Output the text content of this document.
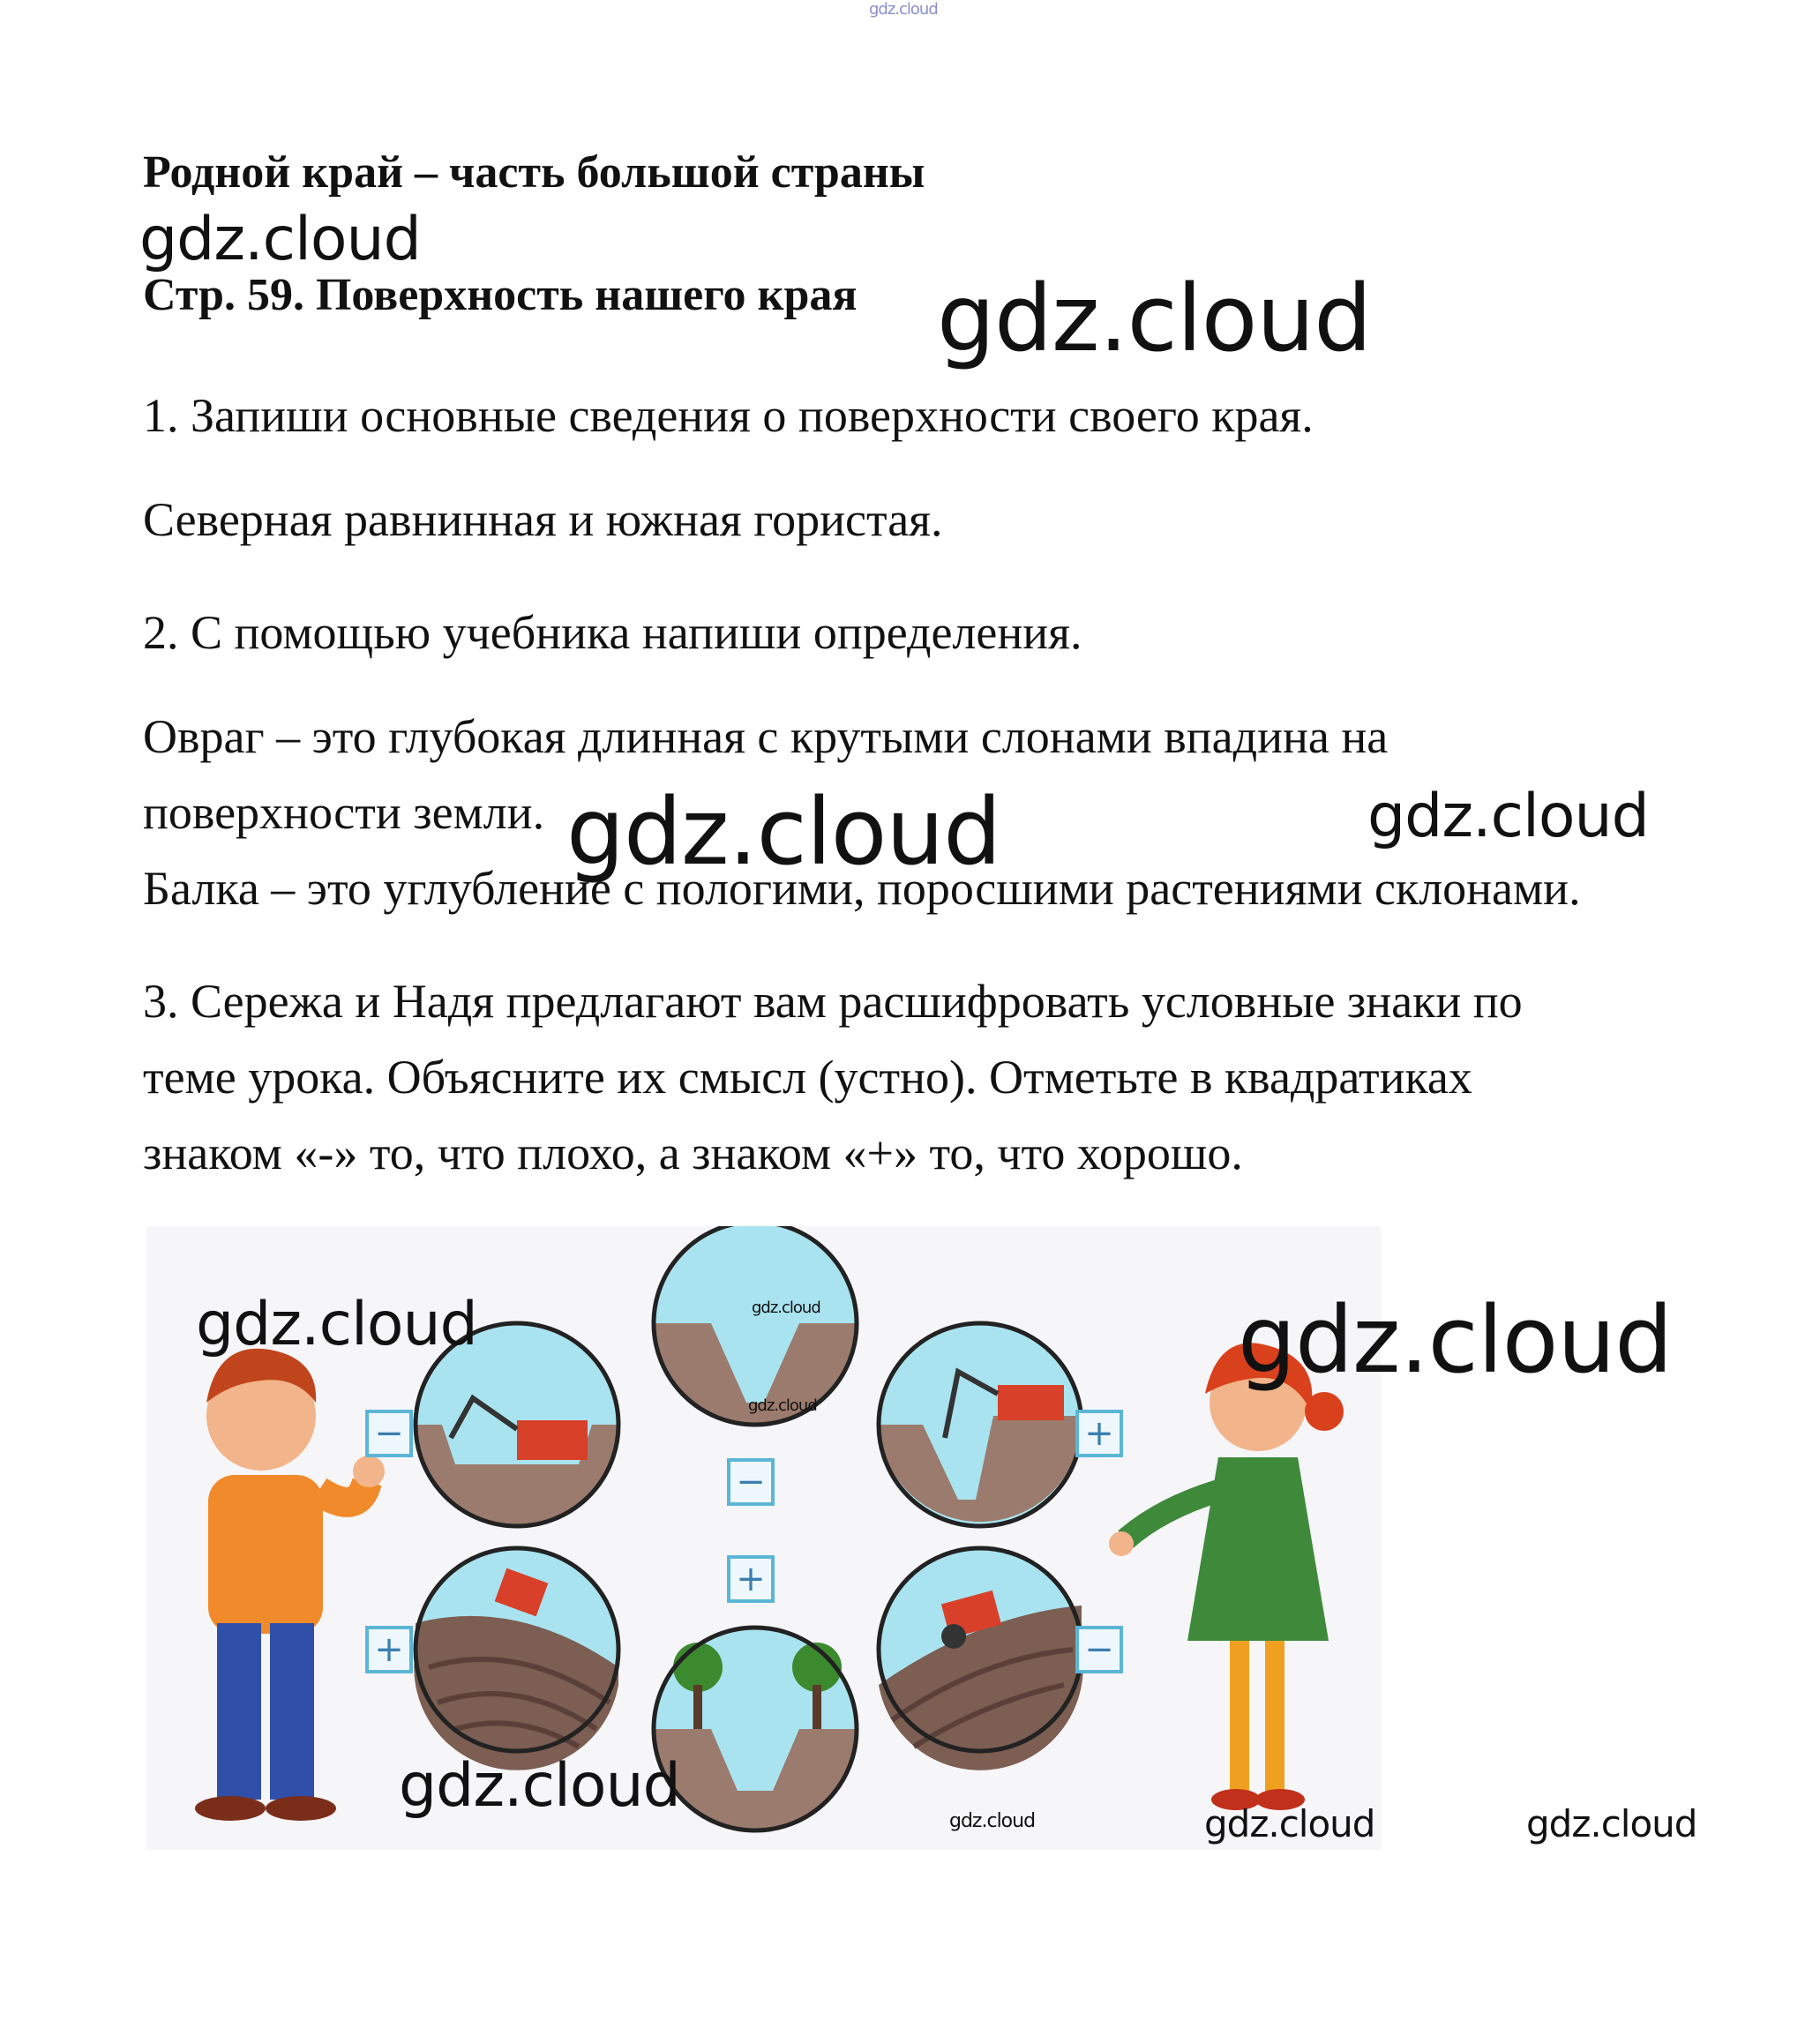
gdz.cloud
Родной край – часть большой страны
gdz.cloud
Стр. 59. Поверхность нашего края gdz.cloud
1. Запиши основные сведения о поверхности своего края.
Северная равнинная и южная гористая.
2. С помощью учебника напиши определения.
Овраг – это глубокая длинная с крутыми слонами впадина на
поверхности земли. gdz.cloud	gdz.cloud
Балка – это углубление с пологими, поросшими растениями склонами.
3. Сережа и Надя предлагают вам расшифровать условные знаки по
теме урока. Объясните их смысл (устно). Отметьте в квадратиках
знаком «-» то, что плохо, а знаком «+» то, что хорошо.
−
−
+
+
+
−
gdz.cloud	gdz.cloud
gdz.cloud
gdz.cloud
gdz.cloud
gdz.cloud	gdz.cloud	gdz.cloud
